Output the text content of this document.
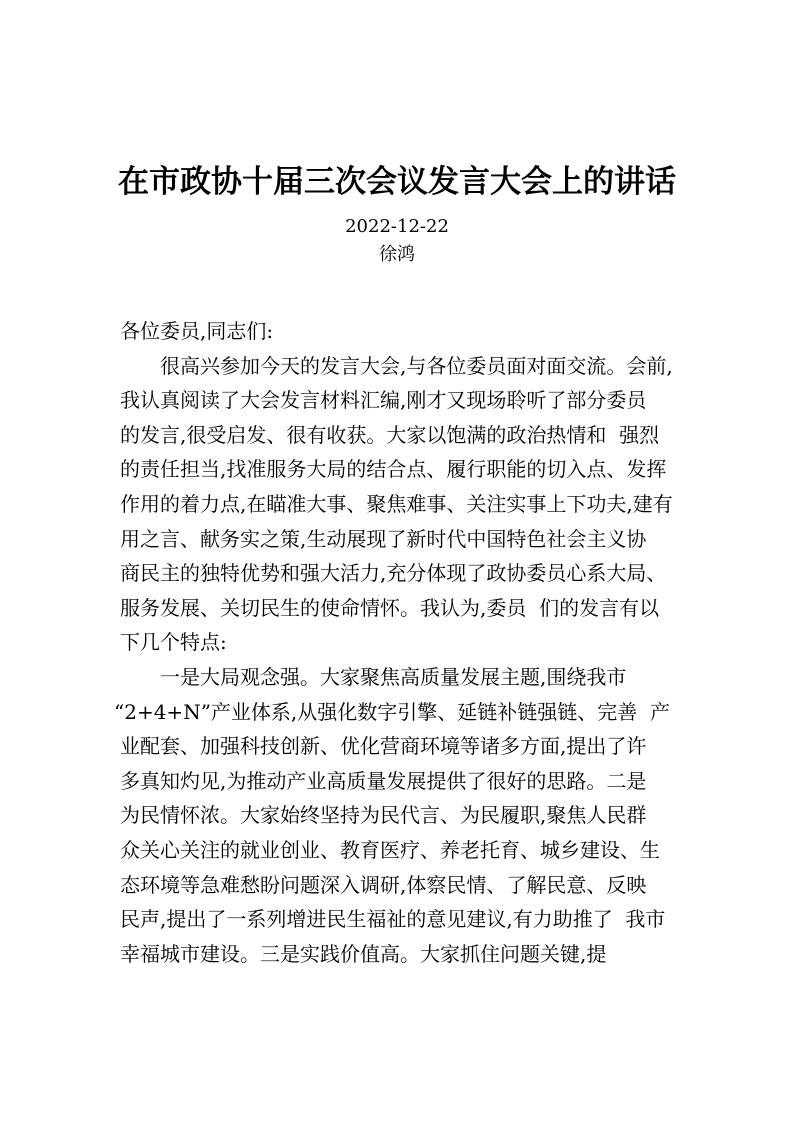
在市政协十届三次会议发言大会上的讲话
2022-12-22
徐鸿
各位委员,同志们:
很高兴参加今天的发言大会,与各位委员面对面交流。会前,
我认真阅读了大会发言材料汇编,刚才又现场聆听了部分委员
的发言,很受启发、很有收获。大家以饱满的政治热情和  强烈
的责任担当,找准服务大局的结合点、履行职能的切入点、发挥
作用的着力点,在瞄准大事、聚焦难事、关注实事上下功夫,建有
用之言、献务实之策,生动展现了新时代中国特色社会主义协
商民主的独特优势和强大活力,充分体现了政协委员心系大局、
服务发展、关切民生的使命情怀。我认为,委员  们的发言有以
下几个特点:
一是大局观念强。大家聚焦高质量发展主题,围绕我市
“2+4+N”产业体系,从强化数字引擎、延链补链强链、完善  产
业配套、加强科技创新、优化营商环境等诸多方面,提出了许
多真知灼见,为推动产业高质量发展提供了很好的思路。二是
为民情怀浓。大家始终坚持为民代言、为民履职,聚焦人民群
众关心关注的就业创业、教育医疗、养老托育、城乡建设、生
态环境等急难愁盼问题深入调研,体察民情、了解民意、反映
民声,提出了一系列增进民生福祉的意见建议,有力助推了  我市
幸福城市建设。三是实践价值高。大家抓住问题关键,提
